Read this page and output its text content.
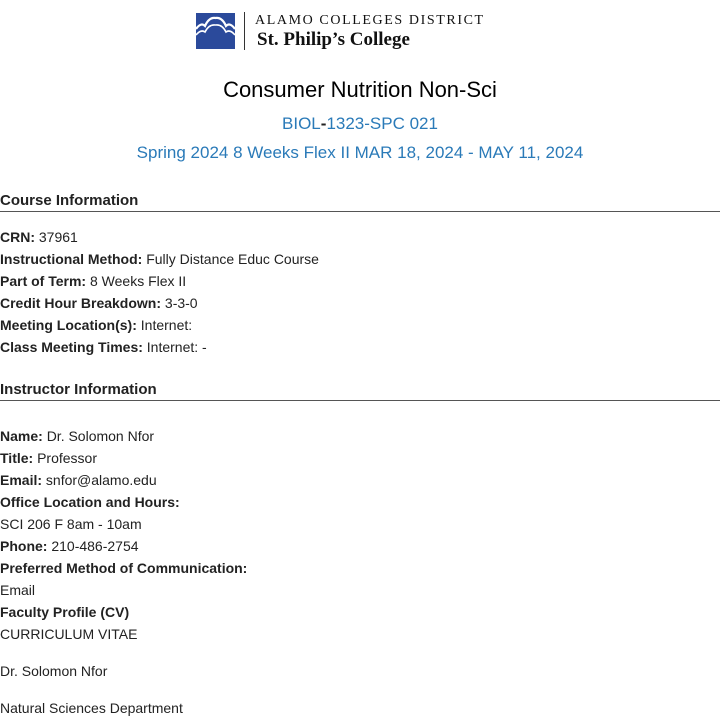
ALAMO COLLEGES DISTRICT
St. Philip’s College
Consumer Nutrition Non-Sci
BIOL-1323-SPC 021
Spring 2024 8 Weeks Flex II MAR 18, 2024 - MAY 11, 2024
Course Information
CRN: 37961
Instructional Method: Fully Distance Educ Course
Part of Term: 8 Weeks Flex II
Credit Hour Breakdown: 3-3-0
Meeting Location(s): Internet:
Class Meeting Times: Internet: -
Instructor Information
Name: Dr. Solomon Nfor
Title: Professor
Email: snfor@alamo.edu
Office Location and Hours:
SCI 206 F 8am - 10am
Phone: 210-486-2754
Preferred Method of Communication:
Email
Faculty Profile (CV)
CURRICULUM VITAE
Dr. Solomon Nfor
Natural Sciences Department
